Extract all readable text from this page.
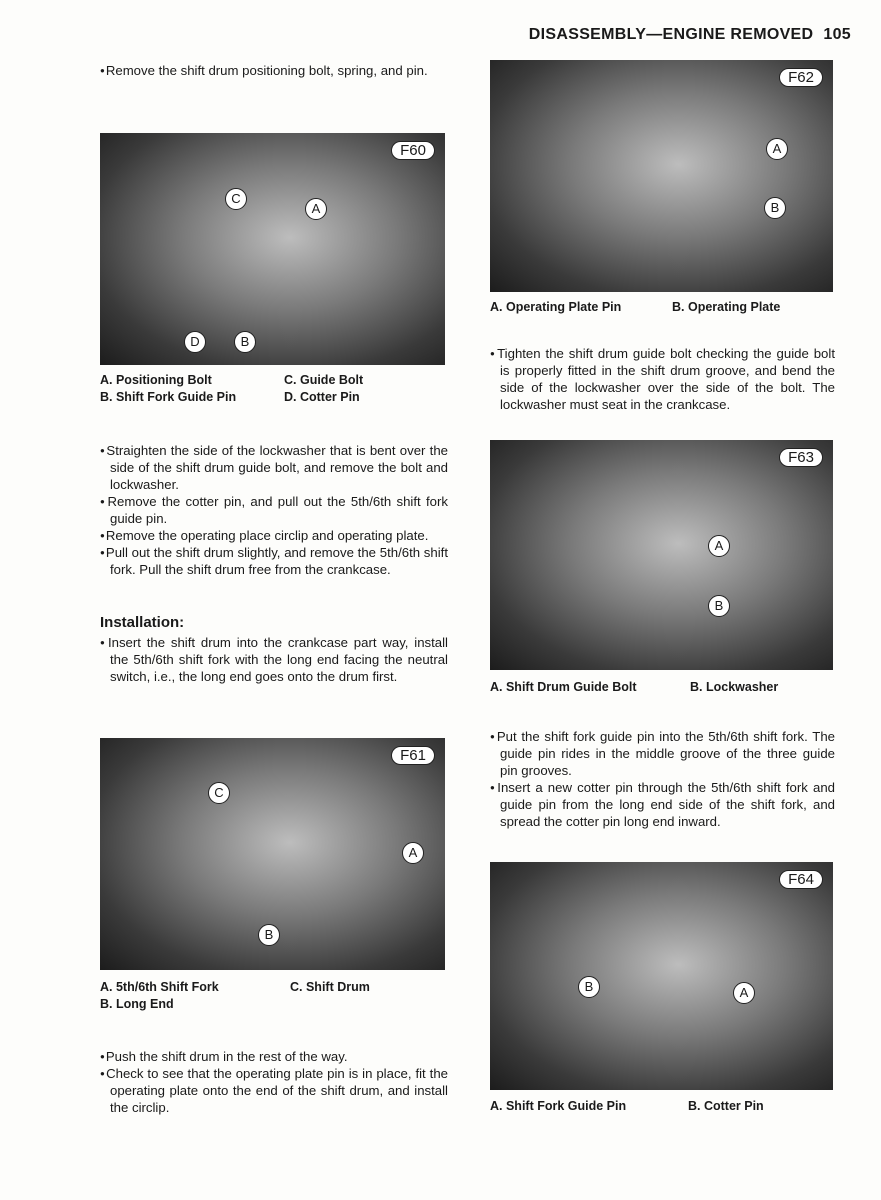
DISASSEMBLY—ENGINE REMOVED 105

● Remove the shift drum positioning bolt, spring, and pin.

F60
C
A
D	B
A. Positioning Bolt	C. Guide Bolt
B. Shift Fork Guide Pin	D. Cotter Pin

● Straighten the side of the lockwasher that is bent over the side of the shift drum guide bolt, and remove the bolt and lockwasher.

● Remove the cotter pin, and pull out the 5th/6th shift fork guide pin.

● Remove the operating place circlip and operating plate.

● Pull out the shift drum slightly, and remove the 5th/6th shift fork. Pull the shift drum free from the crankcase.

Installation:

● Insert the shift drum into the crankcase part way, install the 5th/6th shift fork with the long end facing the neutral switch, i.e., the long end goes onto the drum first.

F61
C
A
B
A. 5th/6th Shift Fork	C. Shift Drum
B. Long End

● Push the shift drum in the rest of the way.

● Check to see that the operating plate pin is in place, fit the operating plate onto the end of the shift drum, and install the circlip.

F62
A
B
A. Operating Plate Pin	B. Operating Plate

● Tighten the shift drum guide bolt checking the guide bolt is properly fitted in the shift drum groove, and bend the side of the lockwasher over the side of the bolt. The lockwasher must seat in the crankcase.

F63
A
B
A. Shift Drum Guide Bolt	B. Lockwasher

● Put the shift fork guide pin into the 5th/6th shift fork. The guide pin rides in the middle groove of the three guide pin grooves.

● Insert a new cotter pin through the 5th/6th shift fork and guide pin from the long end side of the shift fork, and spread the cotter pin long end inward.

F64
B	A
A. Shift Fork Guide Pin	B. Cotter Pin
